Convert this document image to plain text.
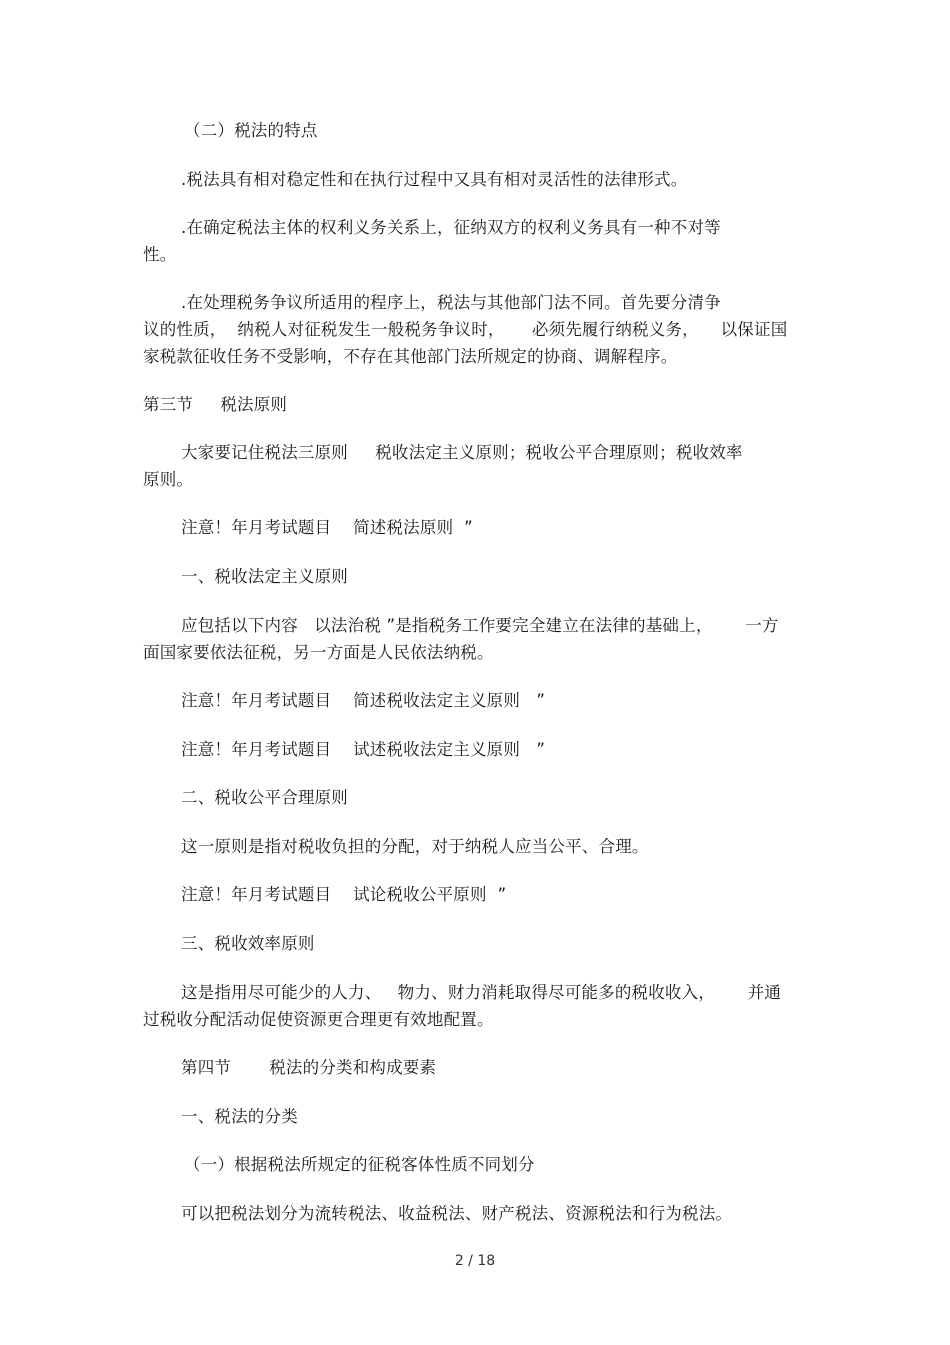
（二）税法的特点
.税法具有相对稳定性和在执行过程中又具有相对灵活性的法律形式。
.在确定税法主体的权利义务关系上，征纳双方的权利义务具有一种不对等
性。
.在处理税务争议所适用的程序上，税法与其他部门法不同。首先要分清争
议的性质，  纳税人对征税发生一般税务争议时，     必须先履行纳税义务，    以保证国
家税款征收任务不受影响，不存在其他部门法所规定的协商、调解程序。
第三节     税法原则
大家要记住税法三原则     税收法定主义原则；税收公平合理原则；税收效率
原则。
注意！年月考试题目    简述税法原则  ”
一、税收法定主义原则
应包括以下内容   以法治税 ”是指税务工作要完全建立在法律的基础上，      一方
面国家要依法征税，另一方面是人民依法纳税。
注意！年月考试题目    简述税收法定主义原则   ”
注意！年月考试题目    试述税收法定主义原则   ”
二、税收公平合理原则
这一原则是指对税收负担的分配，对于纳税人应当公平、合理。
注意！年月考试题目    试论税收公平原则  ”
三、税收效率原则
这是指用尽可能少的人力、   物力、财力消耗取得尽可能多的税收收入，      并通
过税收分配活动促使资源更合理更有效地配置。
第四节       税法的分类和构成要素
一、税法的分类
（一）根据税法所规定的征税客体性质不同划分
可以把税法划分为流转税法、收益税法、财产税法、资源税法和行为税法。
2 / 18
